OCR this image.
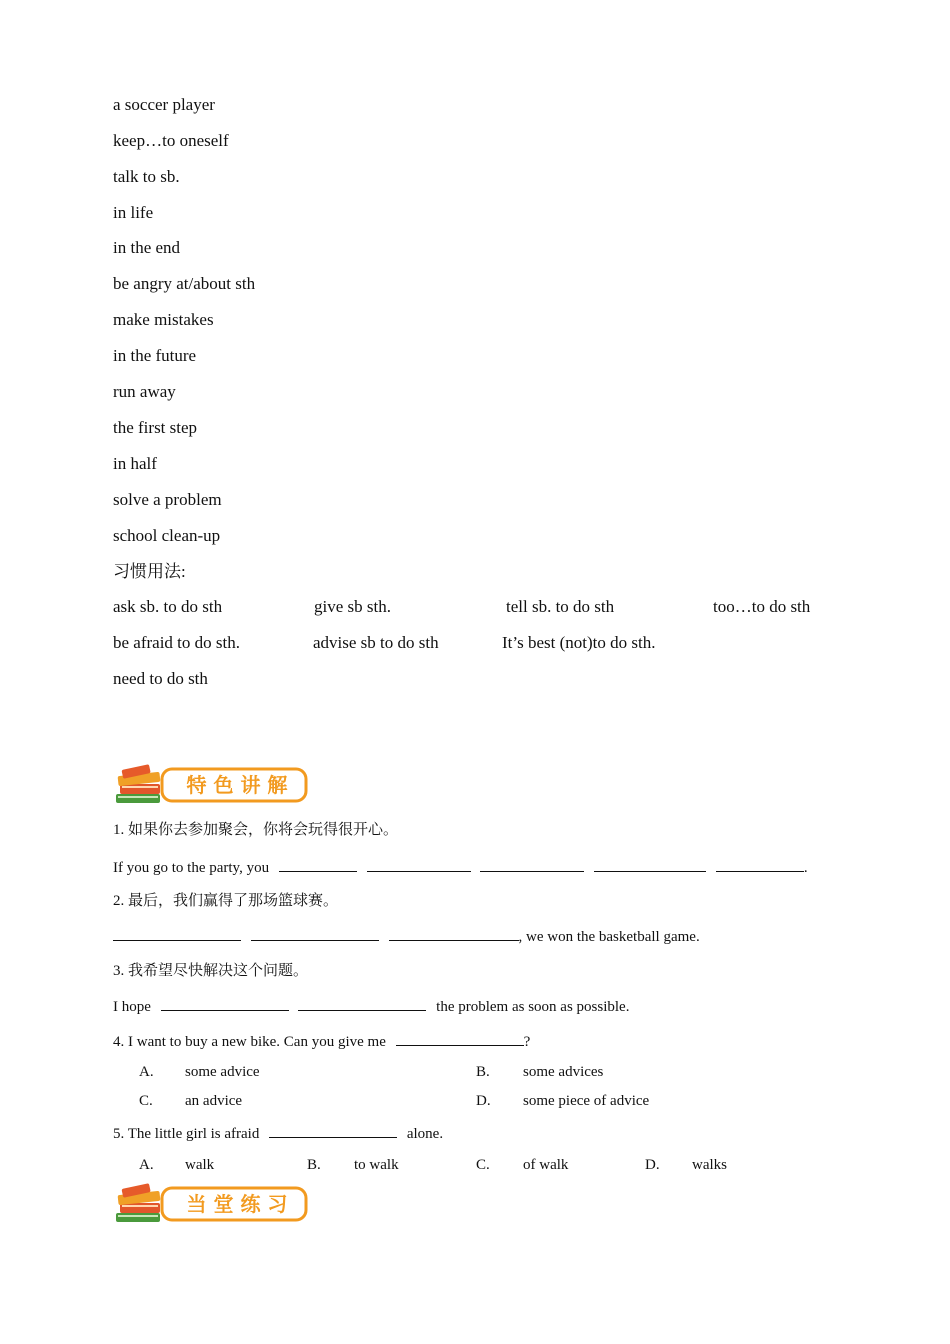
a soccer player
keep…to oneself
talk to sb.
in life
in the end
be angry at/about sth
make mistakes
in the future
run away
the first step
in half
solve a problem
school clean-up
习惯用法:
ask sb. to do sth	give sb sth.	tell sb. to do sth	too…to do sth
be afraid to do sth.	advise sb to do sth	It’s best (not)to do sth.
need to do sth
特 色 讲 解
1. 如果你去参加聚会，你将会玩得很开心。
If you go to the party, you	.
2. 最后，我们赢得了那场篮球赛。
, we won the basketball game.
3. 我希望尽快解决这个问题。
I hope	the problem as soon as possible.
4. I want to buy a new bike. Can you give me	?
A. some advice	B. some advices
C. an advice	D. some piece of advice
5. The little girl is afraid	alone.
A. walk	B. to walk	C. of walk	D. walks
当 堂 练 习
